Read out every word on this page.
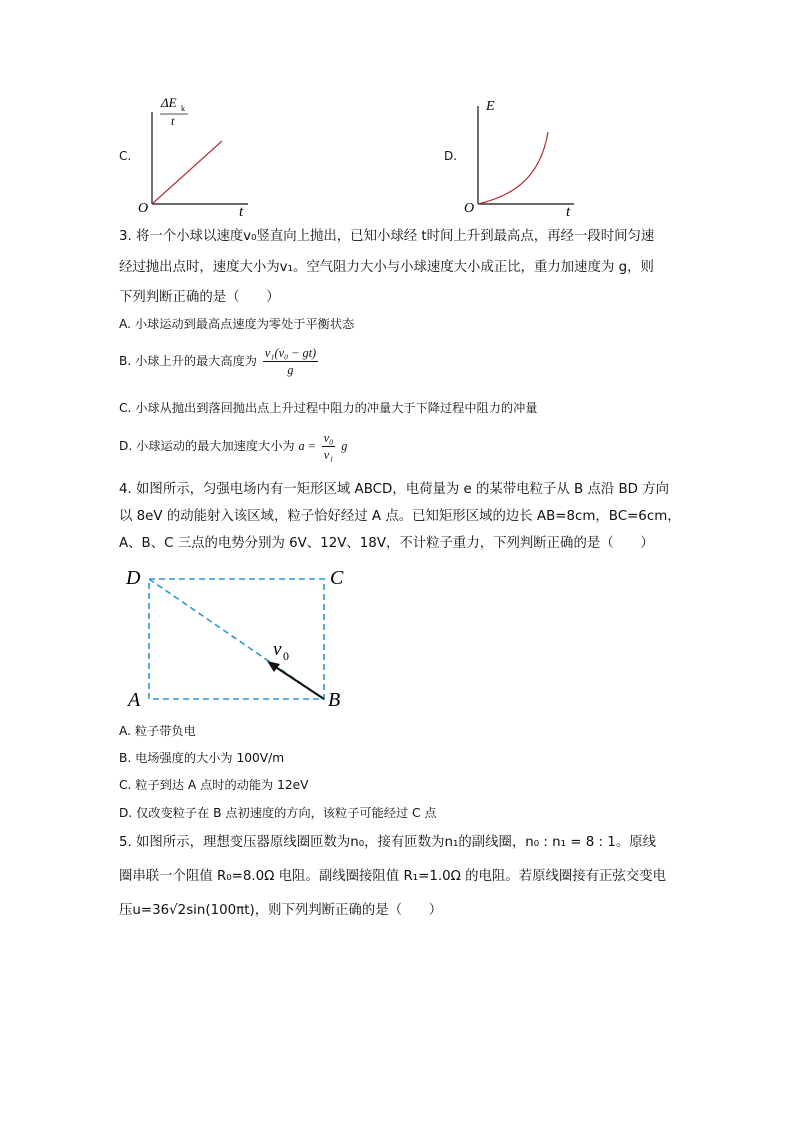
C.
ΔE k
t
O	t
D.
E
O	t
3. 将一个小球以速度v₀竖直向上抛出，已知小球经 t时间上升到最高点，再经一段时间匀速
经过抛出点时，速度大小为v₁。空气阻力大小与小球速度大小成正比，重力加速度为 g，则
下列判断正确的是（　　）
A. 小球运动到最高点速度为零处于平衡状态
B. 小球上升的最大高度为 $\frac{\text{v₁(v₀ − gt)}}{g}$
C. 小球从抛出到落回抛出点上升过程中阻力的冲量大于下降过程中阻力的冲量
D. 小球运动的最大加速度大小为 $a = \frac{\text{v₀}}{\text{v₁}}$ g
4. 如图所示，匀强电场内有一矩形区域 ABCD，电荷量为 e 的某带电粒子从 B 点沿 BD 方向
以 8eV 的动能射入该区域，粒子恰好经过 A 点。已知矩形区域的边长 AB=8cm，BC=6cm，
A、B、C 三点的电势分别为 6V、12V、18V，不计粒子重力，下列判断正确的是（　　）
D	C
A	B
v 0
A. 粒子带负电
B. 电场强度的大小为 100V/m
C. 粒子到达 A 点时的动能为 12eV
D. 仅改变粒子在 B 点初速度的方向，该粒子可能经过 C 点
5. 如图所示，理想变压器原线圈匝数为n₀，接有匝数为n₁的副线圈，n₀ : n₁ = 8 : 1。原线
圈串联一个阻值 R₀=8.0Ω 电阻。副线圈接阻值 R₁=1.0Ω 的电阻。若原线圈接有正弦交变电
压u=36√2sin(100πt)，则下列判断正确的是（　　）
